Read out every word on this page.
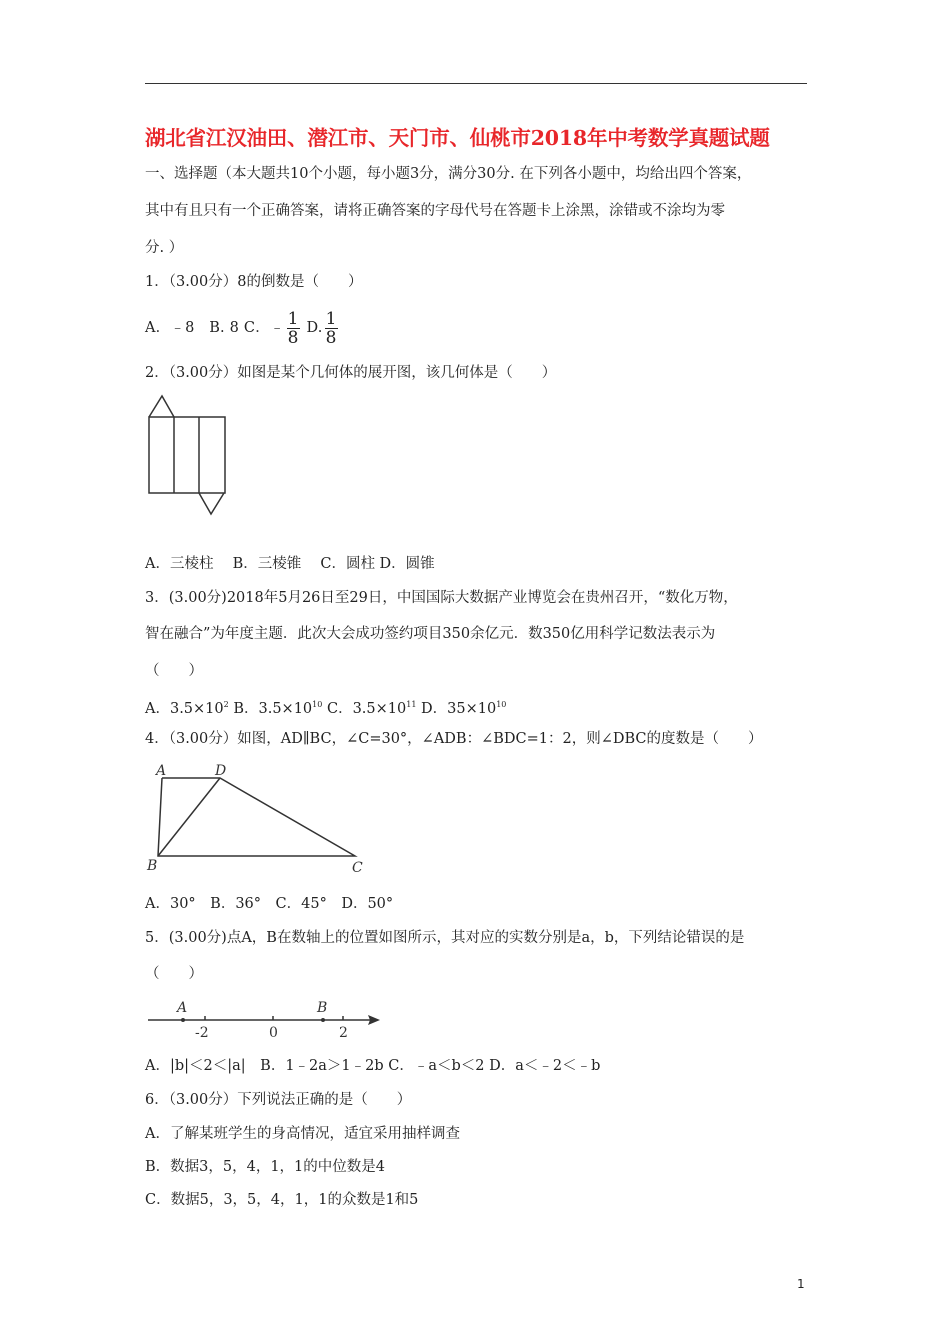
湖北省江汉油田、潜江市、天门市、仙桃市2018年中考数学真题试题
一、选择题（本大题共10个小题，每小题3分，满分30分. 在下列各小题中，均给出四个答案，
其中有且只有一个正确答案，请将正确答案的字母代号在答题卡上涂黑，涂错或不涂均为零
分. ）
1．（3.00分）8的倒数是（　　）
A．﹣8　B. 8 C．﹣ $\frac{1}{8} D$. $\frac{1}{8}$
2．（3.00分）如图是某个几何体的展开图，该几何体是（　　）
A．三棱柱　 B．三棱锥　 C．圆柱 D．圆锥
3．(3.00分)2018年5月26日至29日，中国国际大数据产业博览会在贵州召开，“数化万物，
智在融合”为年度主题．此次大会成功签约项目350余亿元．数350亿用科学记数法表示为
（　　）
A．$3.5\times 10^2$ B．$3.5\times 10^{10}$ C．$3.5\times 10^{11}$ D．$35\times 10^{10}$
4．（3.00分）如图，AD∥BC，∠C=30°，∠ADB：∠BDC=1：2，则∠DBC的度数是（　　）
A	D
B	C
A．30°　B．36°　C．45°　D．50°
5．(3.00分)点A，B在数轴上的位置如图所示，其对应的实数分别是a，b，下列结论错误的是
（　　）
A	B
-2	0	2
A．|b|＜2＜|a|　B．1﹣2a＞1﹣2b C．﹣a＜b＜2 D．a＜﹣2＜﹣b
6．（3.00分）下列说法正确的是（　　）
A．了解某班学生的身高情况，适宜采用抽样调查
B．数据3，5，4，1，1的中位数是4
C．数据5，3，5，4，1，1的众数是1和5
1
